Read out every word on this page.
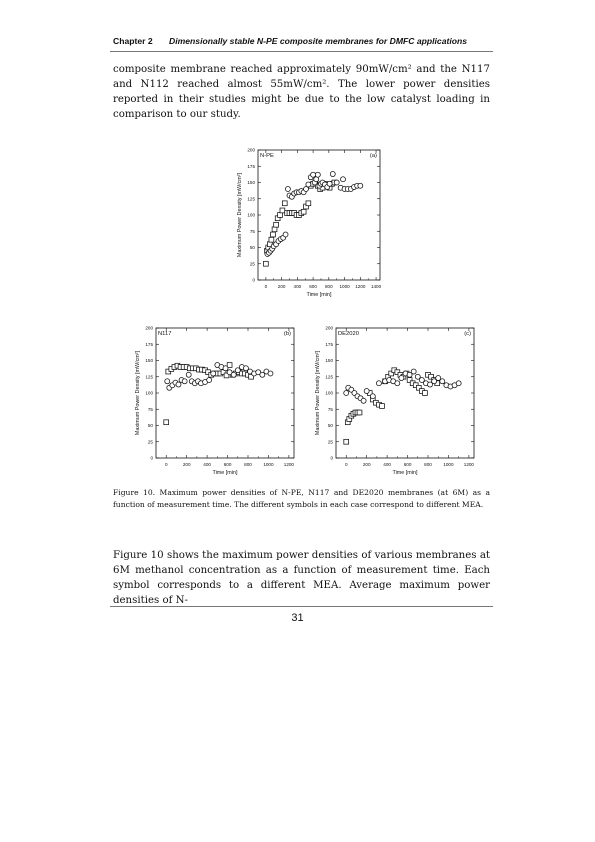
Chapter 2 Dimensionally stable N-PE composite membranes for DMFC applications
composite membrane reached approximately 90mW/cm² and the N117 and N112 reached almost 55mW/cm². The lower power densities reported in their studies might be due to the low catalyst loading in comparison to our study.
0 200 400 600 800 1000 1200 1400
0
25
50
75
100
125
150
175
200
Time [min]
Maximum Power Density [mW/cm²]
N-PE	(a)
0	200	400	600	800 1000 1200
0
25
50
75
100
125
150
175
200
Time [min]
Maximum Power Density [mW/cm²]
N117	(b)
0	200	400	600	800 1000 1200
0
25
50
75
100
125
150
175
200
Time [min]
Maximum Power Density [mW/cm²]
DE2020	(c)
Figure 10. Maximum power densities of N-PE, N117 and DE2020 membranes (at 6M) as a function of measurement time. The different symbols in each case correspond to different MEA.
Figure 10 shows the maximum power densities of various membranes at 6M methanol concentration as a function of measurement time. Each symbol corresponds to a different MEA. Average maximum power densities of N-
31
